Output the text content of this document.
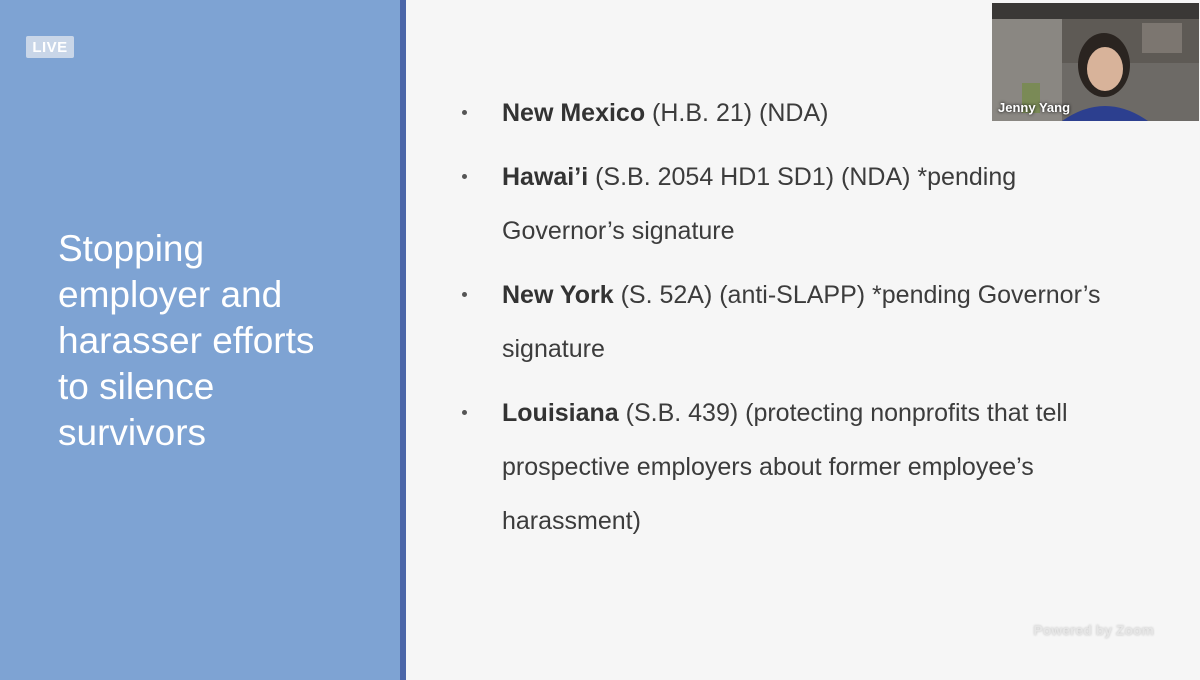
LIVE
Stopping
employer and
harasser efforts
to silence
survivors
New Mexico (H.B. 21) (NDA)
Hawai’i (S.B. 2054 HD1 SD1) (NDA) *pending Governor’s signature
New York (S. 52A) (anti-SLAPP) *pending Governor’s signature
Louisiana (S.B. 439) (protecting nonprofits that tell prospective employers about former employee’s harassment)
Jenny Yang
Powered by Zoom
